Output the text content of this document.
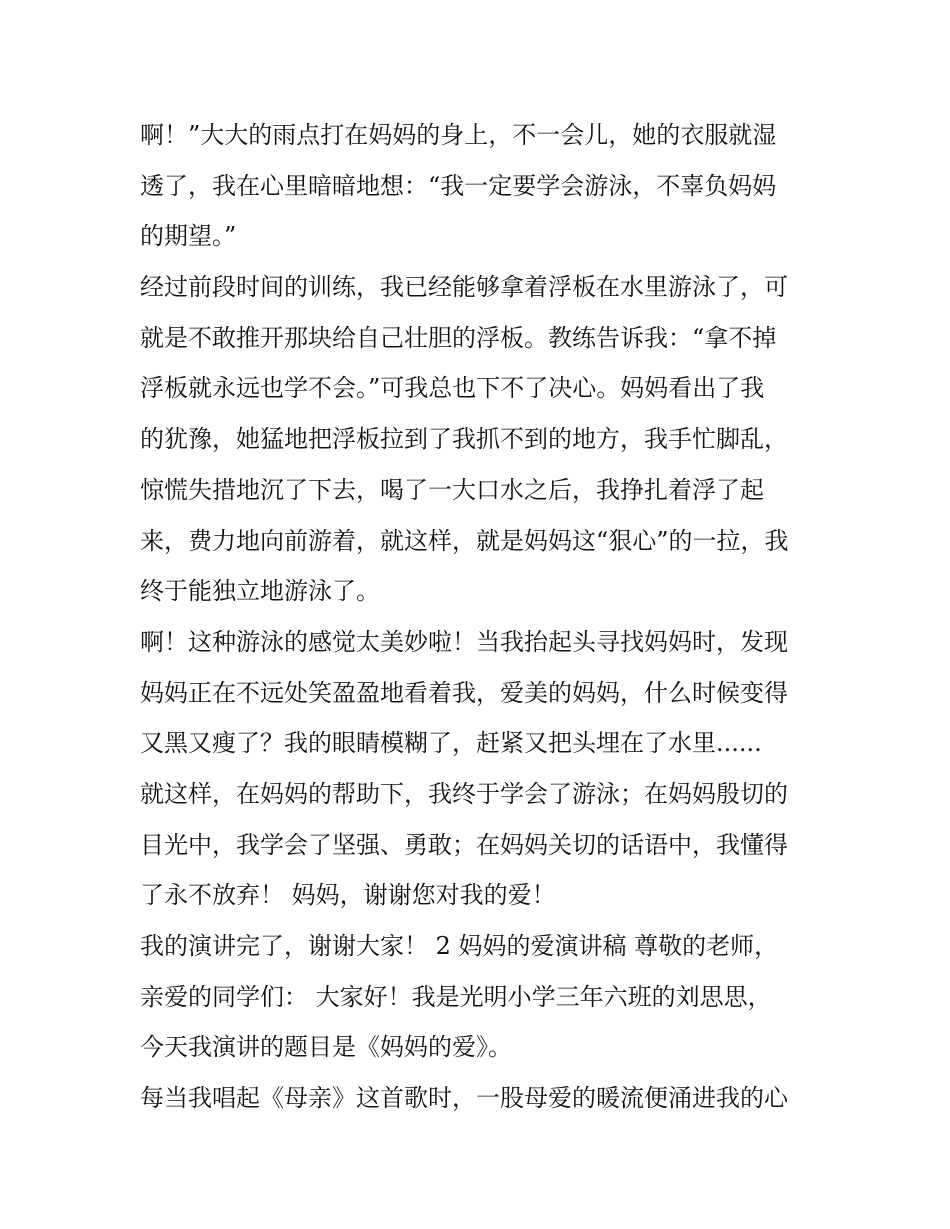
啊！”大大的雨点打在妈妈的身上，不一会儿，她的衣服就湿
透了，我在心里暗暗地想：“我一定要学会游泳，不辜负妈妈
的期望。”
经过前段时间的训练，我已经能够拿着浮板在水里游泳了，可
就是不敢推开那块给自己壮胆的浮板。教练告诉我：“拿不掉
浮板就永远也学不会。”可我总也下不了决心。妈妈看出了我
的犹豫，她猛地把浮板拉到了我抓不到的地方，我手忙脚乱，
惊慌失措地沉了下去，喝了一大口水之后，我挣扎着浮了起
来，费力地向前游着，就这样，就是妈妈这“狠心”的一拉，我
终于能独立地游泳了。
啊！这种游泳的感觉太美妙啦！当我抬起头寻找妈妈时，发现
妈妈正在不远处笑盈盈地看着我，爱美的妈妈，什么时候变得
又黑又瘦了？我的眼睛模糊了，赶紧又把头埋在了水里......
就这样，在妈妈的帮助下，我终于学会了游泳；在妈妈殷切的
目光中，我学会了坚强、勇敢；在妈妈关切的话语中，我懂得
了永不放弃！ 妈妈，谢谢您对我的爱！
我的演讲完了，谢谢大家！ 2 妈妈的爱演讲稿 尊敬的老师，
亲爱的同学们： 大家好！我是光明小学三年六班的刘思思，
今天我演讲的题目是《妈妈的爱》。
每当我唱起《母亲》这首歌时，一股母爱的暖流便涌进我的心
